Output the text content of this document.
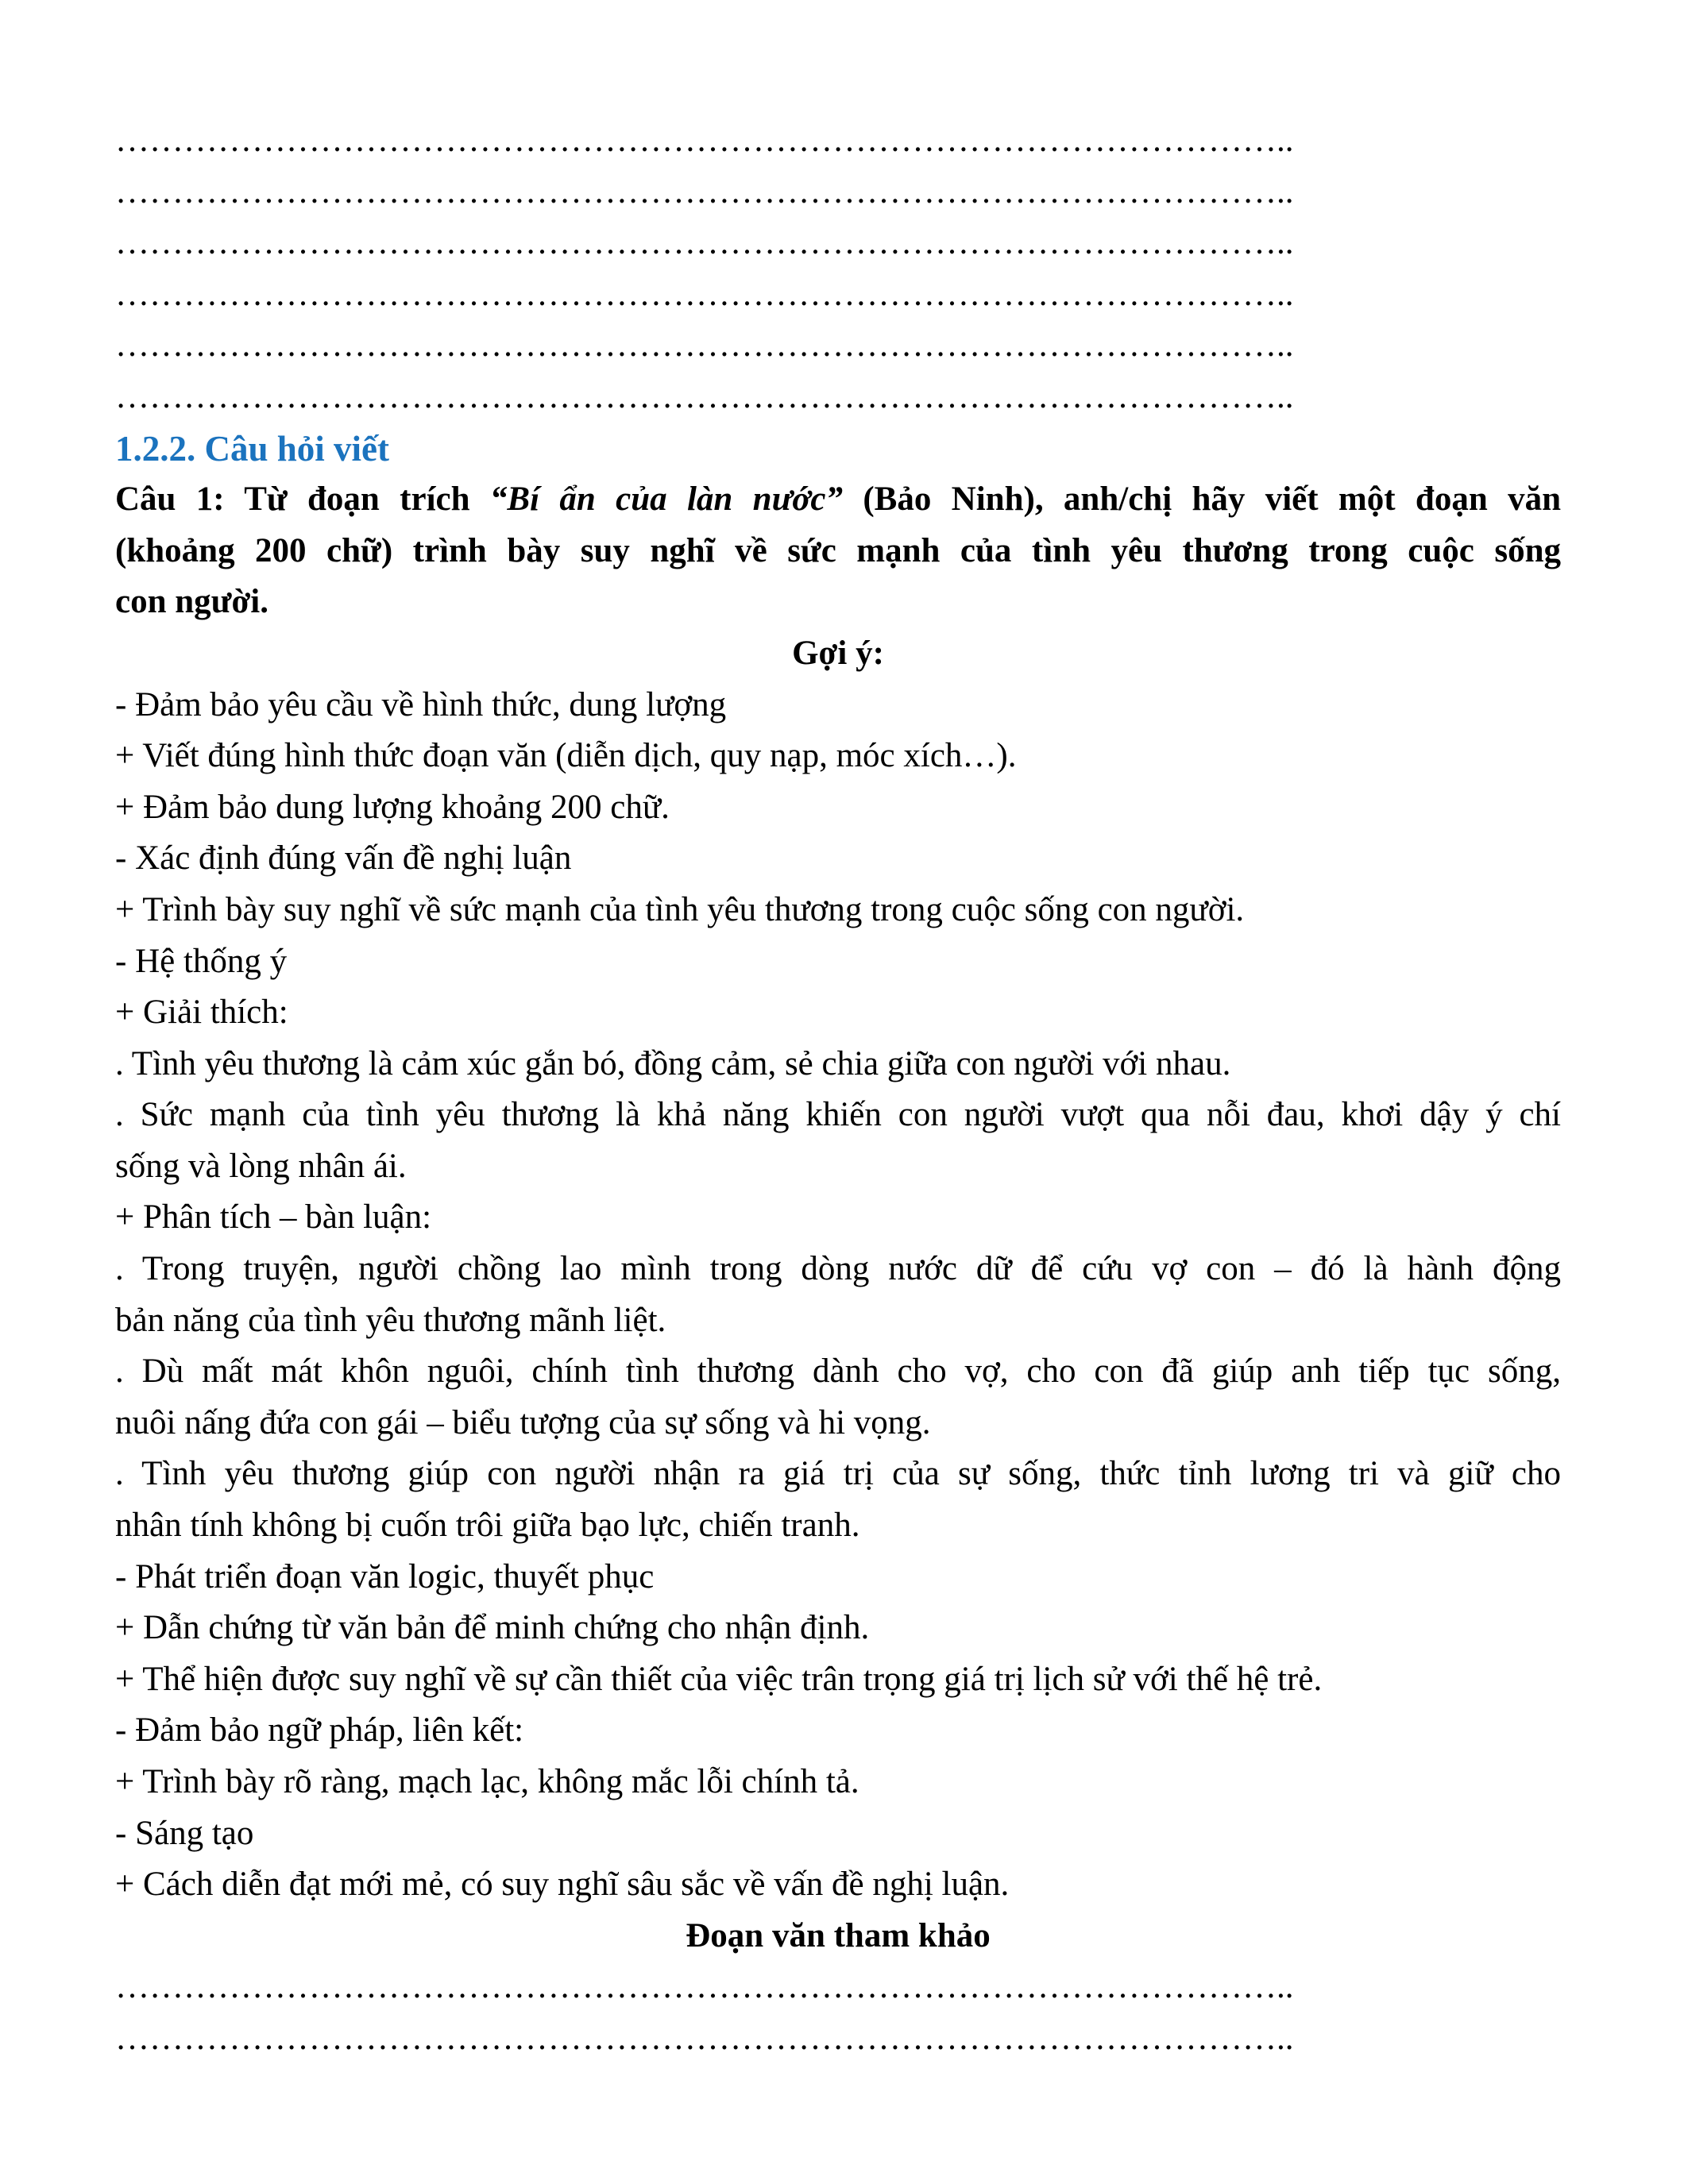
…………………………………………………………………………………………..
…………………………………………………………………………………………..
…………………………………………………………………………………………..
…………………………………………………………………………………………..
…………………………………………………………………………………………..
…………………………………………………………………………………………..
1.2.2. Câu hỏi viết
Câu 1: Từ đoạn trích “Bí ẩn của làn nước” (Bảo Ninh), anh/chị hãy viết một đoạn văn
(khoảng 200 chữ) trình bày suy nghĩ về sức mạnh của tình yêu thương trong cuộc sống
con người.
Gợi ý:
- Đảm bảo yêu cầu về hình thức, dung lượng
+ Viết đúng hình thức đoạn văn (diễn dịch, quy nạp, móc xích…).
+ Đảm bảo dung lượng khoảng 200 chữ.
- Xác định đúng vấn đề nghị luận
+ Trình bày suy nghĩ về sức mạnh của tình yêu thương trong cuộc sống con người.
- Hệ thống ý
+ Giải thích:
. Tình yêu thương là cảm xúc gắn bó, đồng cảm, sẻ chia giữa con người với nhau.
. Sức mạnh của tình yêu thương là khả năng khiến con người vượt qua nỗi đau, khơi dậy ý chí
sống và lòng nhân ái.
+ Phân tích – bàn luận:
. Trong truyện, người chồng lao mình trong dòng nước dữ để cứu vợ con – đó là hành động
bản năng của tình yêu thương mãnh liệt.
. Dù mất mát khôn nguôi, chính tình thương dành cho vợ, cho con đã giúp anh tiếp tục sống,
nuôi nấng đứa con gái – biểu tượng của sự sống và hi vọng.
. Tình yêu thương giúp con người nhận ra giá trị của sự sống, thức tỉnh lương tri và giữ cho
nhân tính không bị cuốn trôi giữa bạo lực, chiến tranh.
- Phát triển đoạn văn logic, thuyết phục
+ Dẫn chứng từ văn bản để minh chứng cho nhận định.
+ Thể hiện được suy nghĩ về sự cần thiết của việc trân trọng giá trị lịch sử với thế hệ trẻ.
- Đảm bảo ngữ pháp, liên kết:
+ Trình bày rõ ràng, mạch lạc, không mắc lỗi chính tả.
- Sáng tạo
+ Cách diễn đạt mới mẻ, có suy nghĩ sâu sắc về vấn đề nghị luận.
Đoạn văn tham khảo
…………………………………………………………………………………………..
…………………………………………………………………………………………..
